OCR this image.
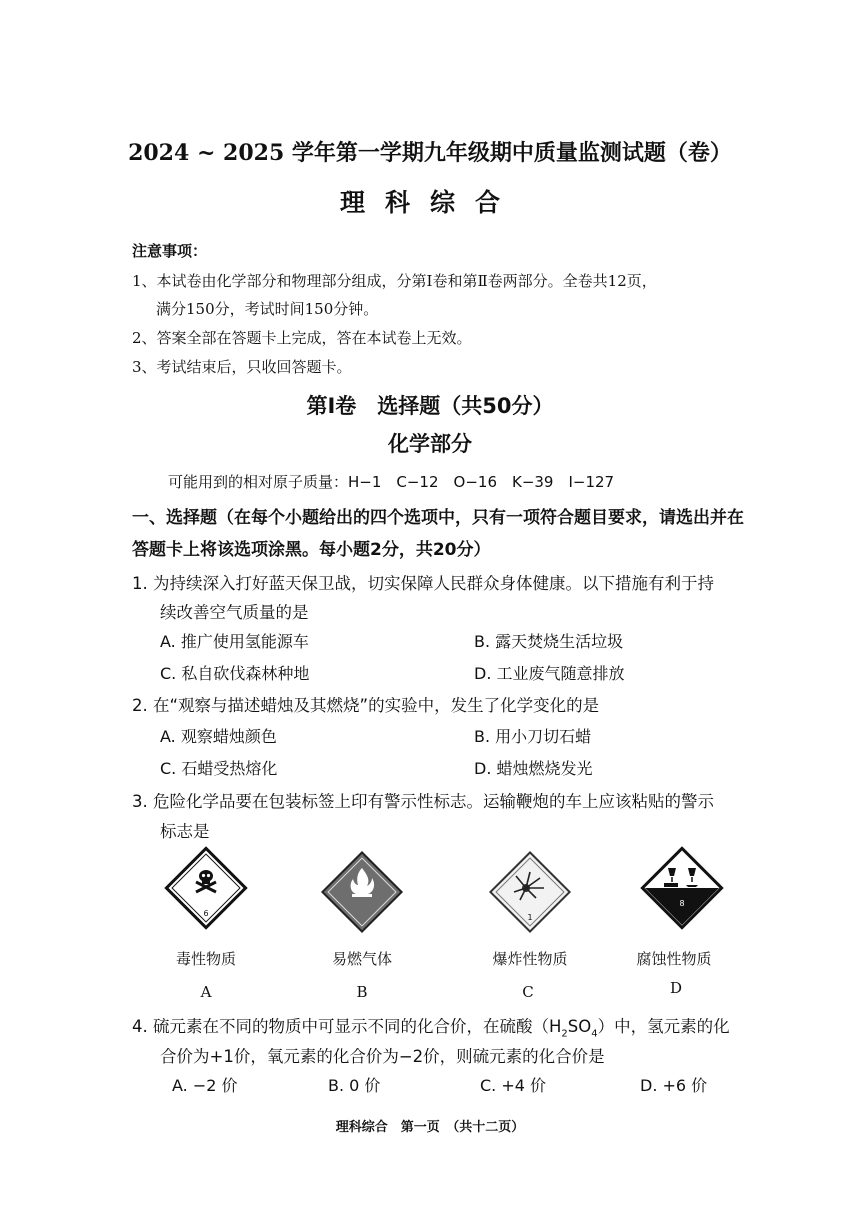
2024 ~ 2025 学年第一学期九年级期中质量监测试题（卷）
理科综合
注意事项：
1、本试卷由化学部分和物理部分组成，分第Ⅰ卷和第Ⅱ卷两部分。全卷共12页，
满分150分，考试时间150分钟。
2、答案全部在答题卡上完成，答在本试卷上无效。
3、考试结束后，只收回答题卡。
第Ⅰ卷　选择题（共50分）
化学部分
可能用到的相对原子质量：H−1　C−12　O−16　K−39　I−127
一、选择题（在每个小题给出的四个选项中，只有一项符合题目要求，请选出并在
答题卡上将该选项涂黑。每小题2分，共20分）
1. 为持续深入打好蓝天保卫战，切实保障人民群众身体健康。以下措施有利于持
续改善空气质量的是
A. 推广使用氢能源车	B. 露天焚烧生活垃圾
C. 私自砍伐森林种地	D. 工业废气随意排放
2. 在“观察与描述蜡烛及其燃烧”的实验中，发生了化学变化的是
A. 观察蜡烛颜色	B. 用小刀切石蜡
C. 石蜡受热熔化	D. 蜡烛燃烧发光
3. 危险化学品要在包装标签上印有警示性标志。运输鞭炮的车上应该粘贴的警示
标志是
6	1
8
毒性物质	易燃气体	爆炸性物质	腐蚀性物质
A	B	C	D
4. 硫元素在不同的物质中可显示不同的化合价，在硫酸$(H_2SO_4)$中，氢元素的化
合价为+1价，氧元素的化合价为−2价，则硫元素的化合价是
A. −2 价	B. 0 价	C. +4 价	D. +6 价
理科综合　第一页　（共十二页）
